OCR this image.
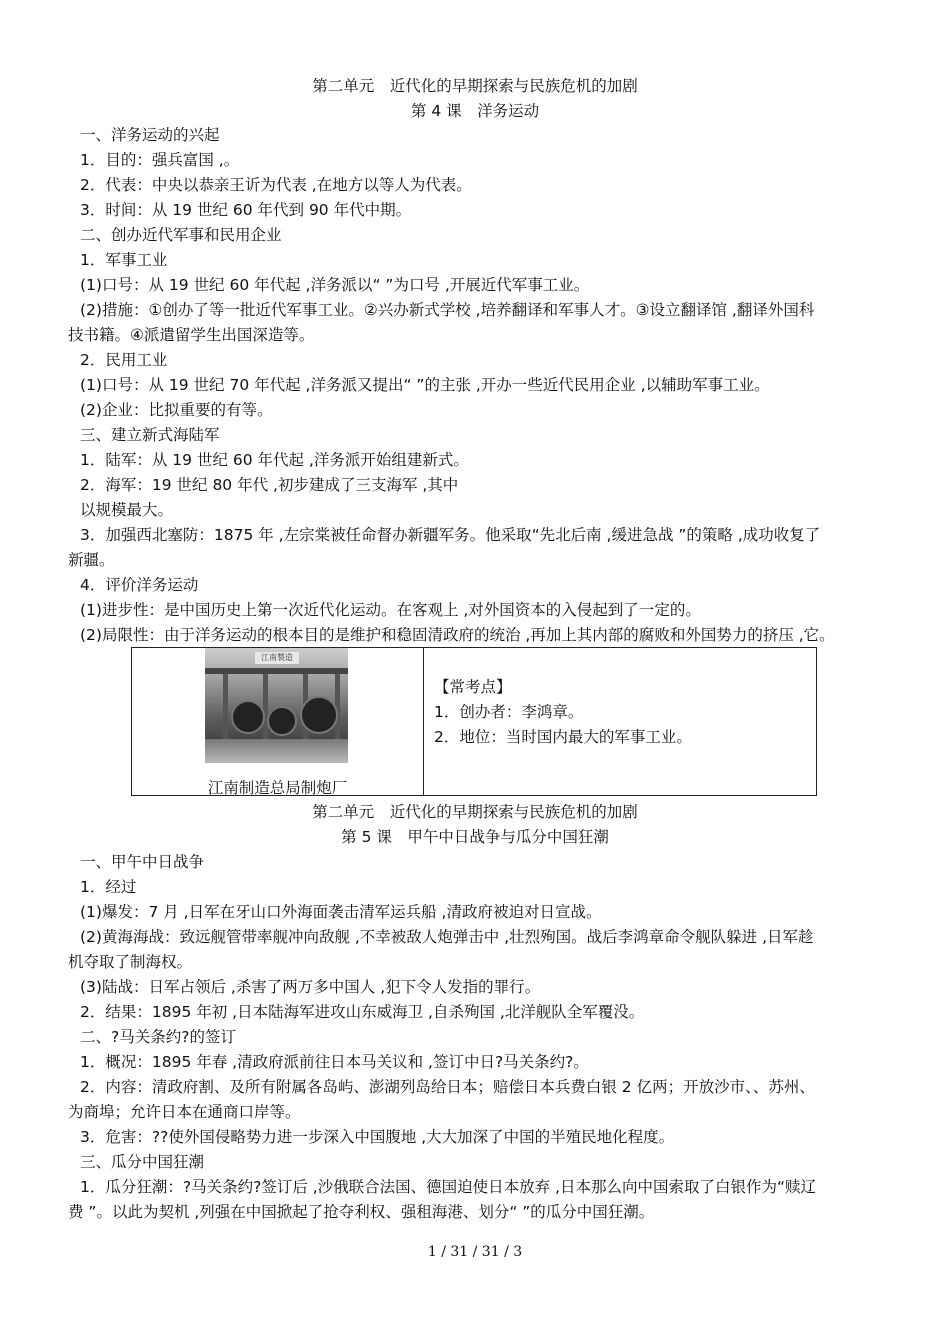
第二单元　近代化的早期探索与民族危机的加剧
第 4 课　洋务运动
一、洋务运动的兴起
1．目的：强兵富国 ,。
2．代表：中央以恭亲王䜣为代表 ,在地方以等人为代表。
3．时间：从 19 世纪 60 年代到 90 年代中期。
二、创办近代军事和民用企业
1．军事工业
(1)口号：从 19 世纪 60 年代起 ,洋务派以“ ”为口号 ,开展近代军事工业。
(2)措施：①创办了等一批近代军事工业。②兴办新式学校 ,培养翻译和军事人才。③设立翻译馆 ,翻译外国科
技书籍。④派遣留学生出国深造等。
2．民用工业
(1)口号：从 19 世纪 70 年代起 ,洋务派又提出“ ”的主张 ,开办一些近代民用企业 ,以辅助军事工业。
(2)企业：比拟重要的有等。
三、建立新式海陆军
1．陆军：从 19 世纪 60 年代起 ,洋务派开始组建新式。
2．海军：19 世纪 80 年代 ,初步建成了三支海军 ,其中
以规模最大。
3．加强西北塞防：1875 年 ,左宗棠被任命督办新疆军务。他采取“先北后南 ,缓进急战 ”的策略 ,成功收复了
新疆。
4．评价洋务运动
(1)进步性：是中国历史上第一次近代化运动。在客观上 ,对外国资本的入侵起到了一定的。
(2)局限性：由于洋务运动的根本目的是维护和稳固清政府的统治 ,再加上其内部的腐败和外国势力的挤压 ,它。
江南製造
江南制造总局制炮厂
【常考点】
1．创办者：李鸿章。
2．地位：当时国内最大的军事工业。
第二单元　近代化的早期探索与民族危机的加剧
第 5 课　甲午中日战争与瓜分中国狂潮
一、甲午中日战争
1．经过
(1)爆发：7 月 ,日军在牙山口外海面袭击清军运兵船 ,清政府被迫对日宣战。
(2)黄海海战：致远舰管带率舰冲向敌舰 ,不幸被敌人炮弹击中 ,壮烈殉国。战后李鸿章命令舰队躲进 ,日军趁
机夺取了制海权。
(3)陆战：日军占领后 ,杀害了两万多中国人 ,犯下令人发指的罪行。
2．结果：1895 年初 ,日本陆海军进攻山东威海卫 ,自杀殉国 ,北洋舰队全军覆没。
二、?马关条约?的签订
1．概况：1895 年春 ,清政府派前往日本马关议和 ,签订中日?马关条约?。
2．内容：清政府割、及所有附属各岛屿、澎湖列岛给日本；赔偿日本兵费白银 2 亿两；开放沙市、、苏州、
为商埠；允许日本在通商口岸等。
3．危害：??使外国侵略势力进一步深入中国腹地 ,大大加深了中国的半殖民地化程度。
三、瓜分中国狂潮
1．瓜分狂潮：?马关条约?签订后 ,沙俄联合法国、德国迫使日本放弃 ,日本那么向中国索取了白银作为“赎辽
费 ”。以此为契机 ,列强在中国掀起了抢夺利权、强租海港、划分“ ”的瓜分中国狂潮。
1 / 31 / 31 / 3
